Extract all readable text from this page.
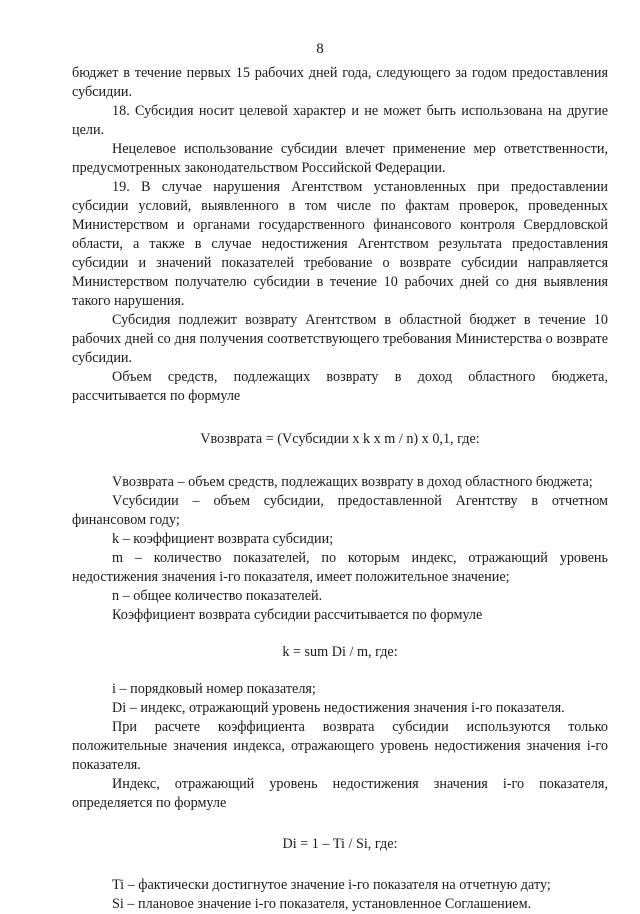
8

бюджет в течение первых 15 рабочих дней года, следующего за годом предоставления субсидии.

18. Субсидия носит целевой характер и не может быть использована на другие цели.

Нецелевое использование субсидии влечет применение мер ответственности, предусмотренных законодательством Российской Федерации.

19. В случае нарушения Агентством установленных при предоставлении субсидии условий, выявленного в том числе по фактам проверок, проведенных Министерством и органами государственного финансового контроля Свердловской области, а также в случае недостижения Агентством результата предоставления субсидии и значений показателей требование о возврате субсидии направляется Министерством получателю субсидии в течение 10 рабочих дней со дня выявления такого нарушения.

Субсидия подлежит возврату Агентством в областной бюджет в течение 10 рабочих дней со дня получения соответствующего требования Министерства о возврате субсидии.

Объем средств, подлежащих возврату в доход областного бюджета, рассчитывается по формуле

Vвозврата = (Vсубсидии x k x m / n) x 0,1, где:

Vвозврата – объем средств, подлежащих возврату в доход областного бюджета;

Vсубсидии – объем субсидии, предоставленной Агентству в отчетном финансовом году;

k – коэффициент возврата субсидии;

m – количество показателей, по которым индекс, отражающий уровень недостижения значения i-го показателя, имеет положительное значение;

n – общее количество показателей.

Коэффициент возврата субсидии рассчитывается по формуле

k = sum Di / m, где:

i – порядковый номер показателя;

Di – индекс, отражающий уровень недостижения значения i-го показателя.

При расчете коэффициента возврата субсидии используются только положительные значения индекса, отражающего уровень недостижения значения i-го показателя.

Индекс, отражающий уровень недостижения значения i-го показателя, определяется по формуле

Di = 1 – Ti / Si, где:

Ti – фактически достигнутое значение i-го показателя на отчетную дату;

Si – плановое значение i-го показателя, установленное Соглашением.
